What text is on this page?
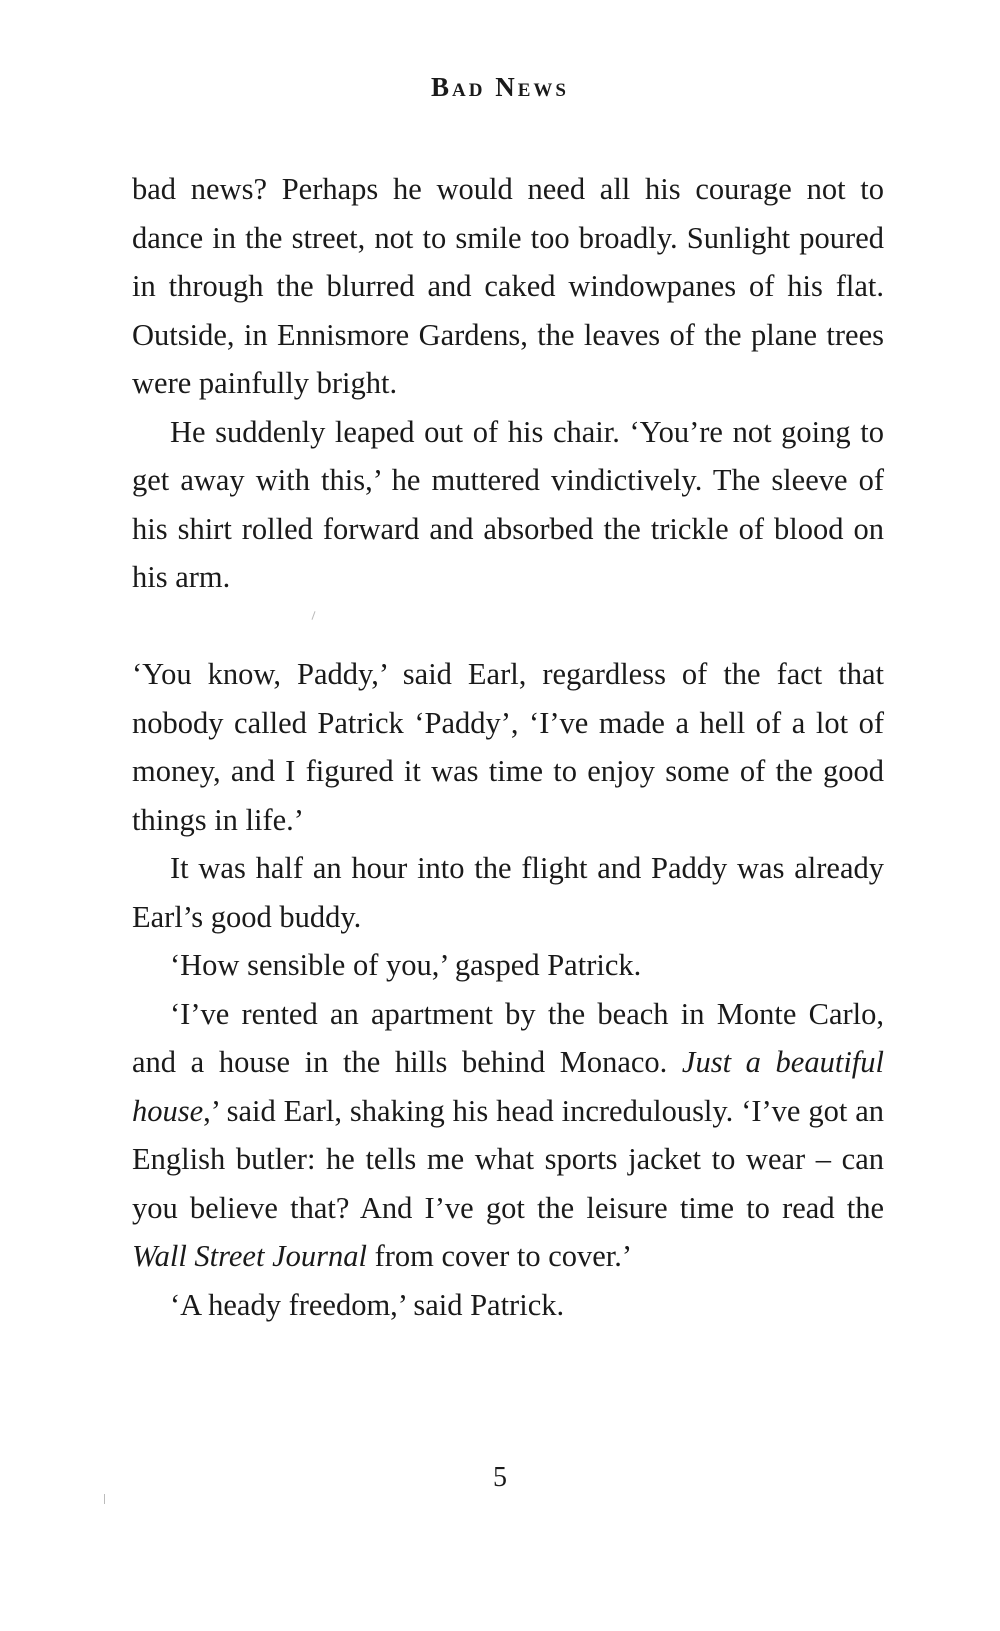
Bad News

bad news? Perhaps he would need all his courage not to dance in the street, not to smile too broadly. Sunlight poured in through the blurred and caked windowpanes of his flat. Outside, in Ennismore Gardens, the leaves of the plane trees were painfully bright.

He suddenly leaped out of his chair. ‘You’re not going to get away with this,’ he muttered vindictively. The sleeve of his shirt rolled forward and absorbed the trickle of blood on his arm.

‘You know, Paddy,’ said Earl, regardless of the fact that nobody called Patrick ‘Paddy’, ‘I’ve made a hell of a lot of money, and I figured it was time to enjoy some of the good things in life.’

It was half an hour into the flight and Paddy was already Earl’s good buddy.

‘How sensible of you,’ gasped Patrick.

‘I’ve rented an apartment by the beach in Monte Carlo, and a house in the hills behind Monaco. Just a beautiful house,’ said Earl, shaking his head incredulously. ‘I’ve got an English butler: he tells me what sports jacket to wear – can you believe that? And I’ve got the leisure time to read the Wall Street Journal from cover to cover.’

‘A heady freedom,’ said Patrick.

5
